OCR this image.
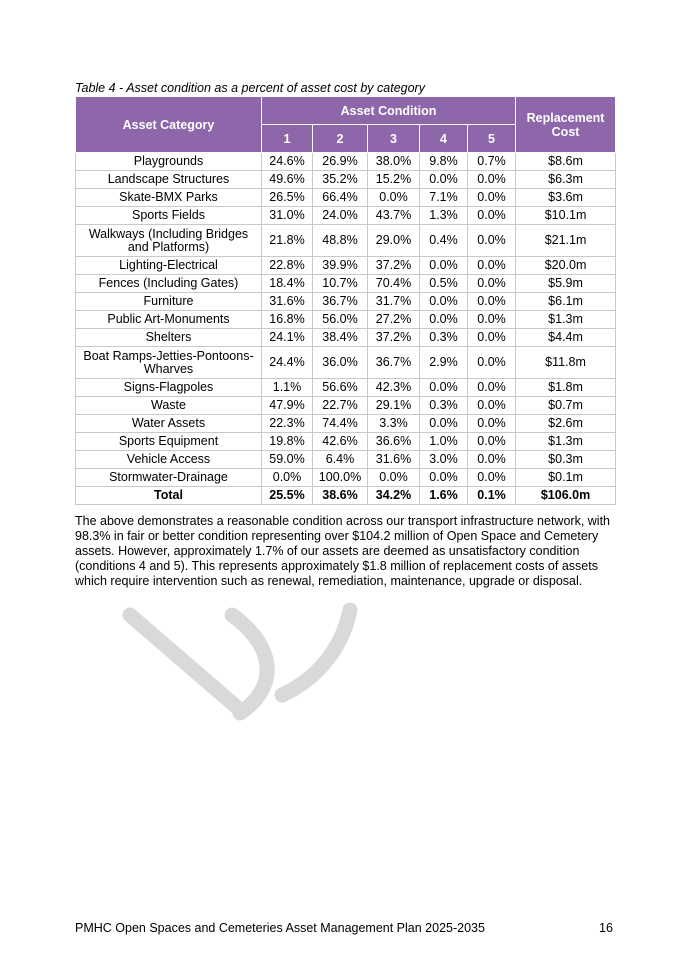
Table 4 - Asset condition as a percent of asset cost by category
Asset Category	Asset Condition					Replacement Cost
	1	2	3	4	5	
Playgrounds	24.6%	26.9%	38.0%	9.8%	0.7%	$8.6m
Landscape Structures	49.6%	35.2%	15.2%	0.0%	0.0%	$6.3m
Skate-BMX Parks	26.5%	66.4%	0.0%	7.1%	0.0%	$3.6m
Sports Fields	31.0%	24.0%	43.7%	1.3%	0.0%	$10.1m
Walkways (Including Bridges and Platforms)	21.8%	48.8%	29.0%	0.4%	0.0%	$21.1m
Lighting-Electrical	22.8%	39.9%	37.2%	0.0%	0.0%	$20.0m
Fences (Including Gates)	18.4%	10.7%	70.4%	0.5%	0.0%	$5.9m
Furniture	31.6%	36.7%	31.7%	0.0%	0.0%	$6.1m
Public Art-Monuments	16.8%	56.0%	27.2%	0.0%	0.0%	$1.3m
Shelters	24.1%	38.4%	37.2%	0.3%	0.0%	$4.4m
Boat Ramps-Jetties-Pontoons-Wharves	24.4%	36.0%	36.7%	2.9%	0.0%	$11.8m
Signs-Flagpoles	1.1%	56.6%	42.3%	0.0%	0.0%	$1.8m
Waste	47.9%	22.7%	29.1%	0.3%	0.0%	$0.7m
Water Assets	22.3%	74.4%	3.3%	0.0%	0.0%	$2.6m
Sports Equipment	19.8%	42.6%	36.6%	1.0%	0.0%	$1.3m
Vehicle Access	59.0%	6.4%	31.6%	3.0%	0.0%	$0.3m
Stormwater-Drainage	0.0%	100.0%	0.0%	0.0%	0.0%	$0.1m
Total	25.5%	38.6%	34.2%	1.6%	0.1%	$106.0m
The above demonstrates a reasonable condition across our transport infrastructure network, with 98.3% in fair or better condition representing over $104.2 million of Open Space and Cemetery assets. However, approximately 1.7% of our assets are deemed as unsatisfactory condition (conditions 4 and 5). This represents approximately $1.8 million of replacement costs of assets which require intervention such as renewal, remediation, maintenance, upgrade or disposal.
PMHC Open Spaces and Cemeteries Asset Management Plan 2025-2035	16
